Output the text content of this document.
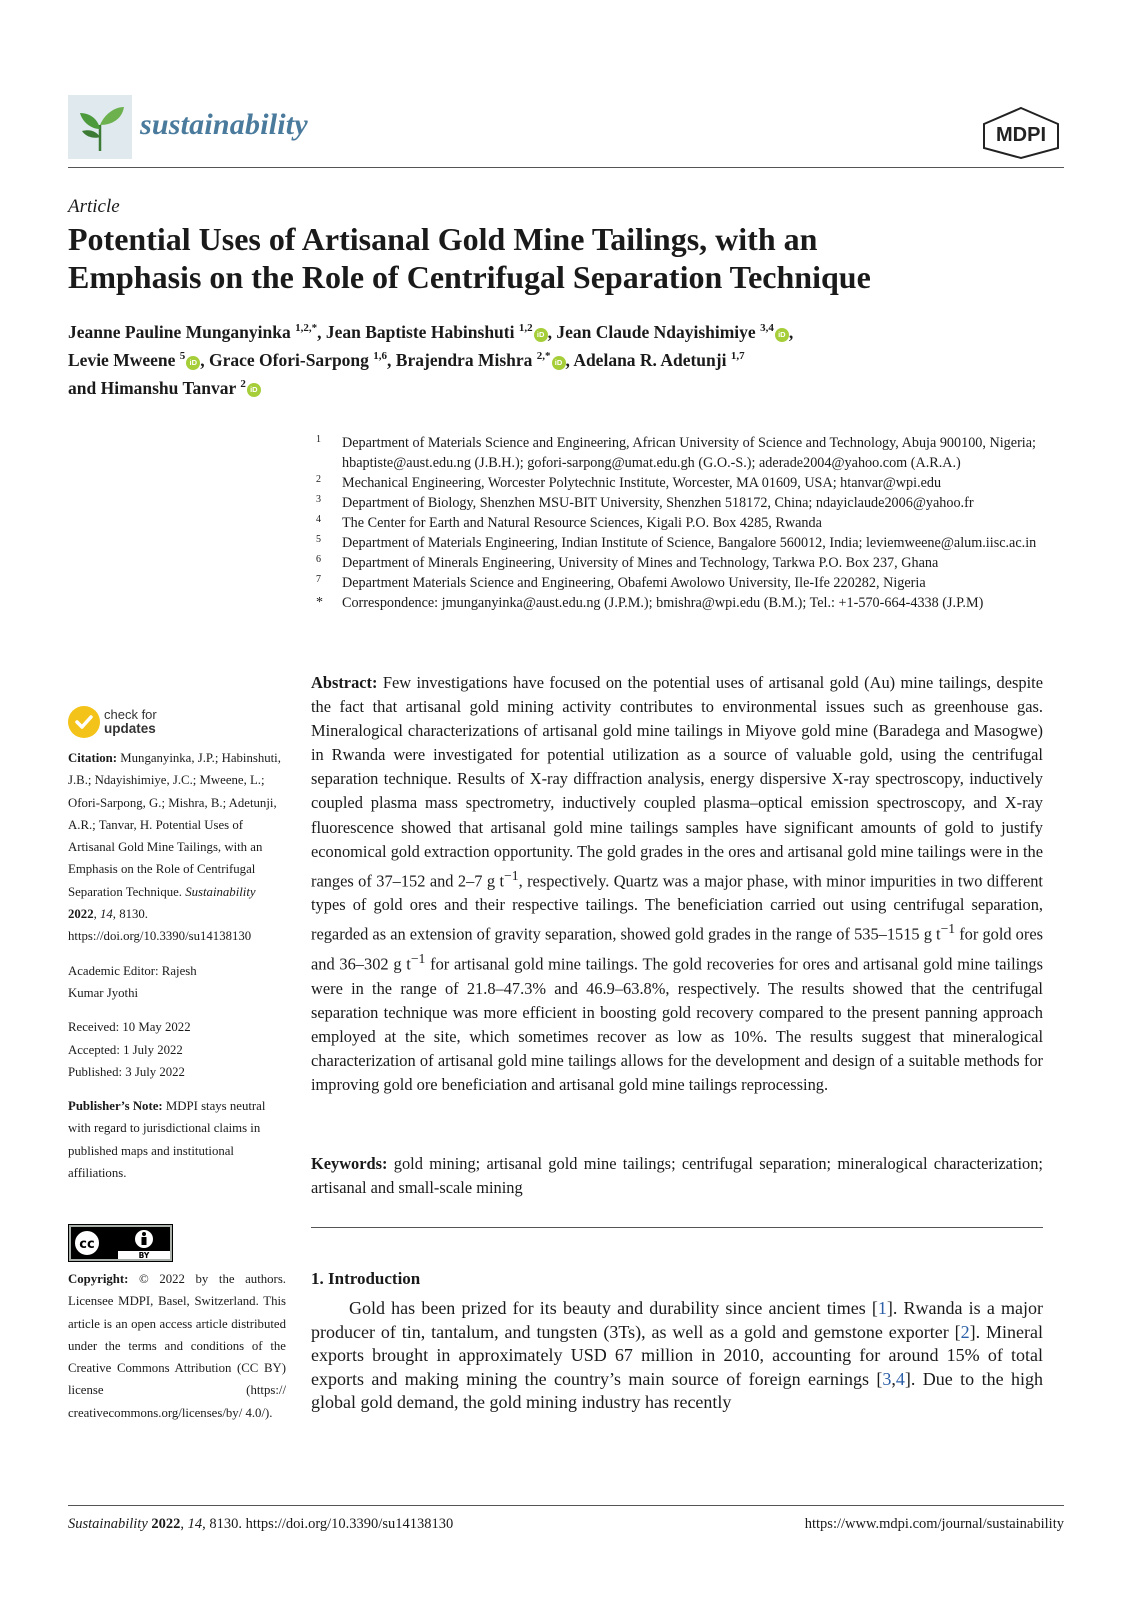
sustainability	MDPI
Article
Potential Uses of Artisanal Gold Mine Tailings, with an
Emphasis on the Role of Centrifugal Separation Technique
Jeanne Pauline Munganyinka $^{1,2,*}$, Jean Baptiste Habinshuti $^{1,2}$iD , Jean Claude Ndayishimiye $^{3,4}$iD ,
Levie Mweene $^5$iD , Grace Ofori-Sarpong $^{1,6}$, Brajendra Mishra $^{2,*}$iD , Adelana R. Adetunji $^{1,7}$
and Himanshu Tanvar $^2$iD
1	Department of Materials Science and Engineering, African University of Science and Technology, Abuja 900100, Nigeria; hbaptiste@aust.edu.ng (J.B.H.); gofori-sarpong@umat.edu.gh (G.O.-S.); aderade2004@yahoo.com (A.R.A.)
2	Mechanical Engineering, Worcester Polytechnic Institute, Worcester, MA 01609, USA; htanvar@wpi.edu
3	Department of Biology, Shenzhen MSU-BIT University, Shenzhen 518172, China; ndayiclaude2006@yahoo.fr
4	The Center for Earth and Natural Resource Sciences, Kigali P.O. Box 4285, Rwanda
5	Department of Materials Engineering, Indian Institute of Science, Bangalore 560012, India; leviemweene@alum.iisc.ac.in
6	Department of Minerals Engineering, University of Mines and Technology, Tarkwa P.O. Box 237, Ghana
7	Department Materials Science and Engineering, Obafemi Awolowo University, Ile-Ife 220282, Nigeria
*	Correspondence: jmunganyinka@aust.edu.ng (J.P.M.); bmishra@wpi.edu (B.M.); Tel.: +1-570-664-4338 (J.P.M)
check for
updates
Citation: Munganyinka, J.P.; Habinshuti, J.B.; Ndayishimiye, J.C.; Mweene, L.; Ofori-Sarpong, G.; Mishra, B.; Adetunji, A.R.; Tanvar, H. Potential Uses of Artisanal Gold Mine Tailings, with an Emphasis on the Role of Centrifugal Separation Technique. Sustainability 2022, 14, 8130. https://doi.org/10.3390/su14138130
Academic Editor: Rajesh
Kumar Jyothi
Received: 10 May 2022
Accepted: 1 July 2022
Published: 3 July 2022
Publisher’s Note: MDPI stays neutral with regard to jurisdictional claims in published maps and institutional affiliations.
cc
BY
Copyright: © 2022 by the authors. Licensee MDPI, Basel, Switzerland. This article is an open access article distributed under the terms and conditions of the Creative Commons Attribution (CC BY) license (https:// creativecommons.org/licenses/by/ 4.0/).
Abstract: Few investigations have focused on the potential uses of artisanal gold (Au) mine tailings, despite the fact that artisanal gold mining activity contributes to environmental issues such as greenhouse gas. Mineralogical characterizations of artisanal gold mine tailings in Miyove gold mine (Baradega and Masogwe) in Rwanda were investigated for potential utilization as a source of valuable gold, using the centrifugal separation technique. Results of X-ray diffraction analysis, energy dispersive X-ray spectroscopy, inductively coupled plasma mass spectrometry, inductively coupled plasma–optical emission spectroscopy, and X-ray fluorescence showed that artisanal gold mine tailings samples have significant amounts of gold to justify economical gold extraction opportunity. The gold grades in the ores and artisanal gold mine tailings were in the ranges of 37–152 and 2–7 g $t^{-1}$, respectively. Quartz was a major phase, with minor impurities in two different types of gold ores and their respective tailings. The beneficiation carried out using centrifugal separation, regarded as an extension of gravity separation, showed gold grades in the range of 535–1515 g $t^{-1}$ for gold ores and 36–302 g $t^{-1}$ for artisanal gold mine tailings. The gold recoveries for ores and artisanal gold mine tailings were in the range of 21.8–47.3% and 46.9–63.8%, respectively. The results showed that the centrifugal separation technique was more efficient in boosting gold recovery compared to the present panning approach employed at the site, which sometimes recover as low as 10%. The results suggest that mineralogical characterization of artisanal gold mine tailings allows for the development and design of a suitable methods for improving gold ore beneficiation and artisanal gold mine tailings reprocessing.
Keywords: gold mining; artisanal gold mine tailings; centrifugal separation; mineralogical characterization; artisanal and small-scale mining
1. Introduction
Gold has been prized for its beauty and durability since ancient times [1]. Rwanda is a major producer of tin, tantalum, and tungsten (3Ts), as well as a gold and gemstone exporter [2]. Mineral exports brought in approximately USD 67 million in 2010, accounting for around 15% of total exports and making mining the country’s main source of foreign earnings [3,4]. Due to the high global gold demand, the gold mining industry has recently
Sustainability 2022, 14, 8130. https://doi.org/10.3390/su14138130	https://www.mdpi.com/journal/sustainability
